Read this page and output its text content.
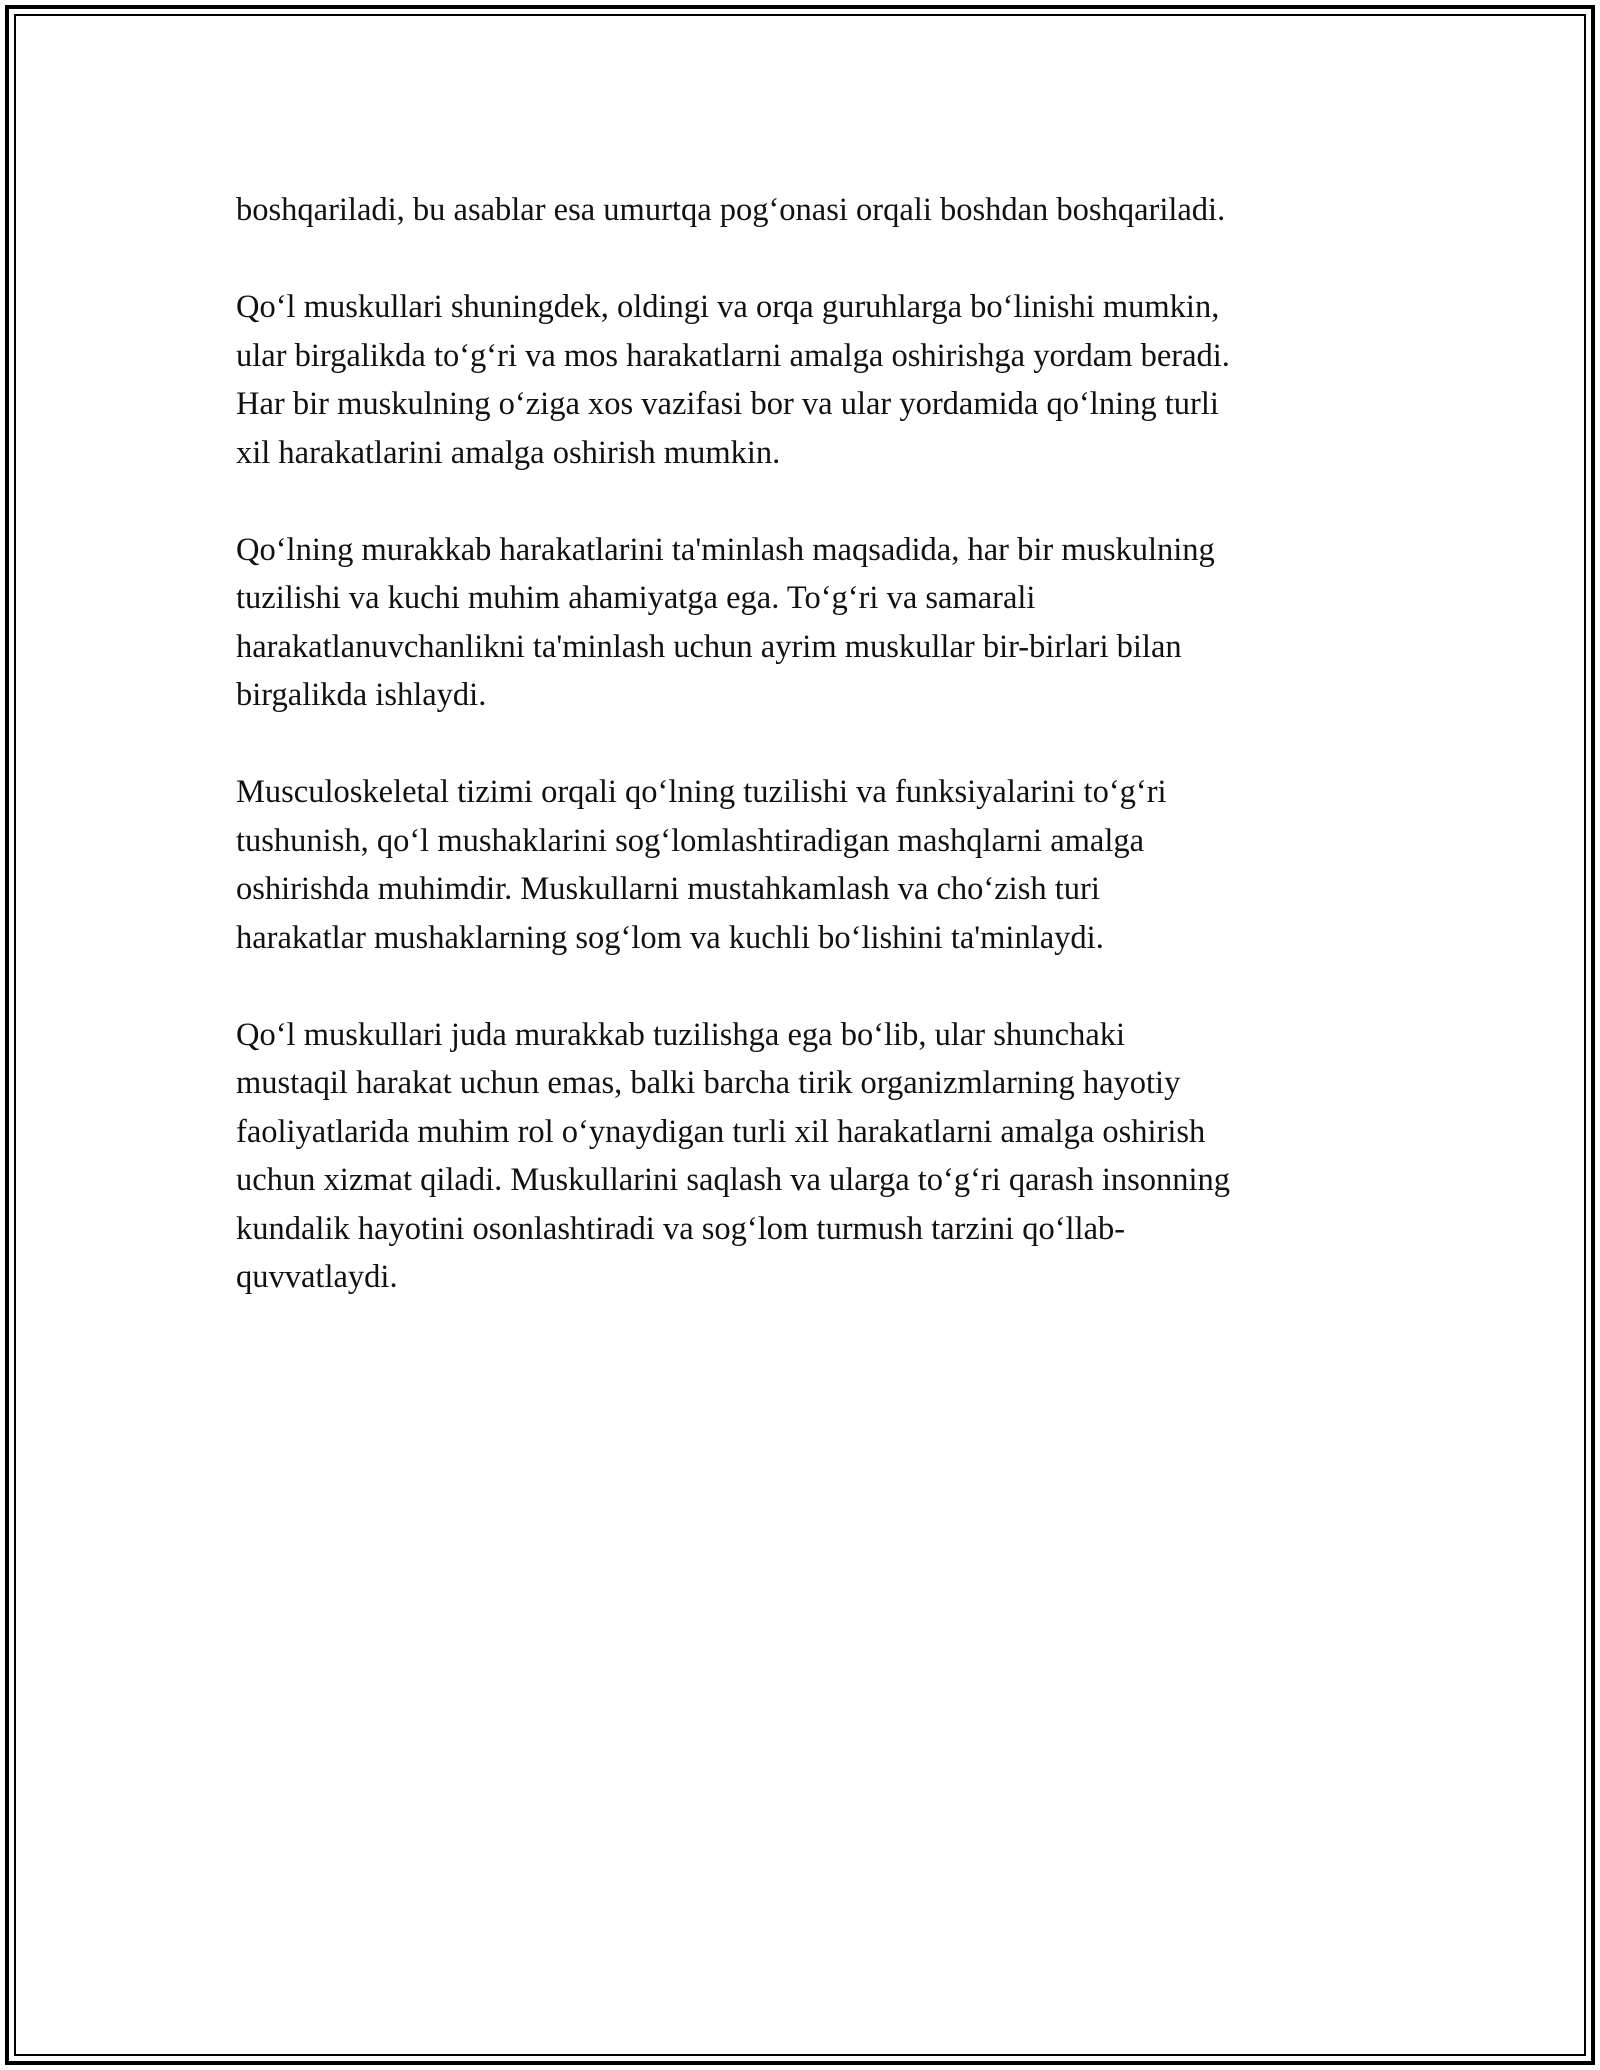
boshqariladi, bu asablar esa umurtqa pog‘onasi orqali boshdan boshqariladi.

Qo‘l muskullari shuningdek, oldingi va orqa guruhlarga bo‘linishi mumkin,
ular birgalikda to‘g‘ri va mos harakatlarni amalga oshirishga yordam beradi.
Har bir muskulning o‘ziga xos vazifasi bor va ular yordamida qo‘lning turli
xil harakatlarini amalga oshirish mumkin.

Qo‘lning murakkab harakatlarini ta'minlash maqsadida, har bir muskulning
tuzilishi va kuchi muhim ahamiyatga ega. To‘g‘ri va samarali
harakatlanuvchanlikni ta'minlash uchun ayrim muskullar bir-birlari bilan
birgalikda ishlaydi.

Musculoskeletal tizimi orqali qo‘lning tuzilishi va funksiyalarini to‘g‘ri
tushunish, qo‘l mushaklarini sog‘lomlashtiradigan mashqlarni amalga
oshirishda muhimdir. Muskullarni mustahkamlash va cho‘zish turi
harakatlar mushaklarning sog‘lom va kuchli bo‘lishini ta'minlaydi.

Qo‘l muskullari juda murakkab tuzilishga ega bo‘lib, ular shunchaki
mustaqil harakat uchun emas, balki barcha tirik organizmlarning hayotiy
faoliyatlarida muhim rol o‘ynaydigan turli xil harakatlarni amalga oshirish
uchun xizmat qiladi. Muskullarini saqlash va ularga to‘g‘ri qarash insonning
kundalik hayotini osonlashtiradi va sog‘lom turmush tarzini qo‘llab-
quvvatlaydi.
